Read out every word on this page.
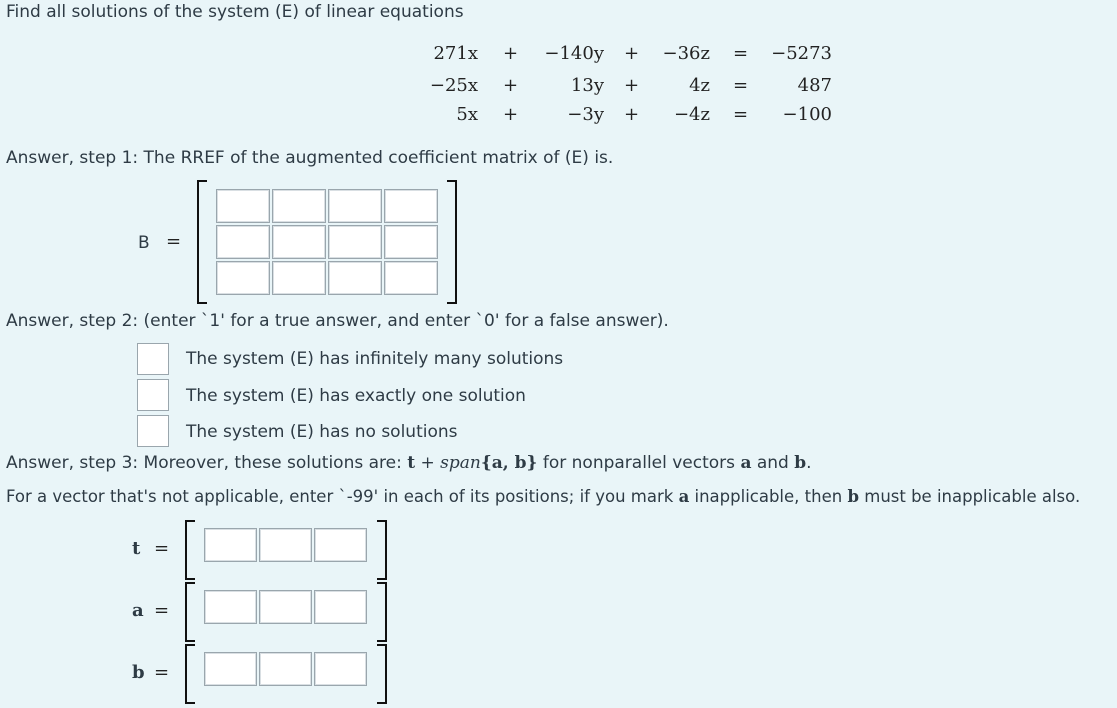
Find all solutions of the system (E) of linear equations
271x +	−140y +	−36z =	−5273
−25x +	13y +	4z =	487
5x +	−3y +	−4z =	−100
Answer, step 1: The RREF of the augmented coefficient matrix of (E) is.
B =
Answer, step 2: (enter `1' for a true answer, and enter `0' for a false answer).
The system (E) has infinitely many solutions
The system (E) has exactly one solution
The system (E) has no solutions
Answer, step 3: Moreover, these solutions are: t + span{a, b} for nonparallel vectors a and b.
For a vector that's not applicable, enter `-99' in each of its positions; if you mark a inapplicable, then b must be inapplicable also.
t =
a =
b =
